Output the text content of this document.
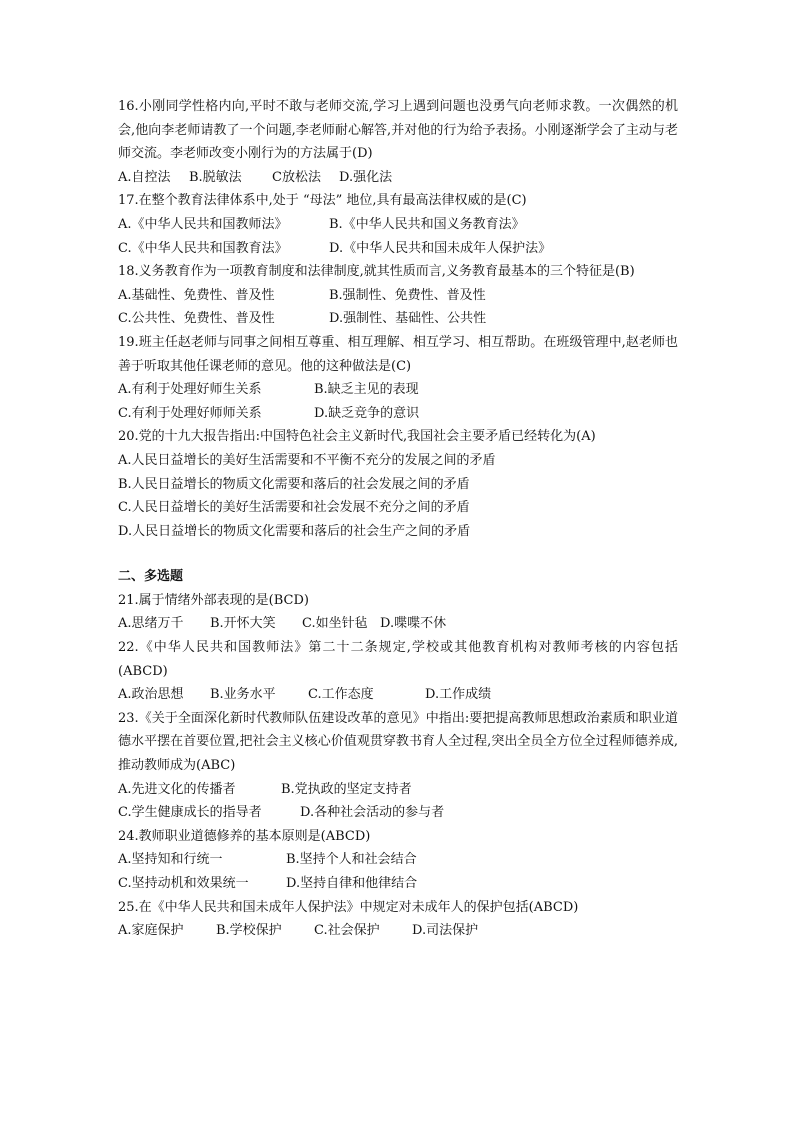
16.小刚同学性格内向,平时不敢与老师交流,学习上遇到问题也没勇气向老师求教。一次偶然的机会,他向李老师请教了一个问题,李老师耐心解答,并对他的行为给予表扬。小刚逐渐学会了主动与老师交流。李老师改变小刚行为的方法属于(D)
A.自控法	B.脱敏法	C放松法	D.强化法
17.在整个教育法律体系中,处于 “母法” 地位,具有最高法律权威的是(C)
A.《中华人民共和国教师法》	B.《中华人民共和国义务教育法》
C.《中华人民共和国教育法》	D.《中华人民共和国未成年人保护法》
18.义务教育作为一项教育制度和法律制度,就其性质而言,义务教育最基本的三个特征是(B)
A.基础性、免费性、普及性	B.强制性、免费性、普及性
C.公共性、免费性、普及性	D.强制性、基础性、公共性
19.班主任赵老师与同事之间相互尊重、相互理解、相互学习、相互帮助。在班级管理中,赵老师也善于听取其他任课老师的意见。他的这种做法是(C)
A.有利于处理好师生关系	B.缺乏主见的表现
C.有利于处理好师师关系	D.缺乏竞争的意识
20.党的十九大报告指出:中国特色社会主义新时代,我国社会主要矛盾已经转化为(A)
A.人民日益增长的美好生活需要和不平衡不充分的发展之间的矛盾
B.人民日益增长的物质文化需要和落后的社会发展之间的矛盾
C.人民日益增长的美好生活需要和社会发展不充分之间的矛盾
D.人民日益增长的物质文化需要和落后的社会生产之间的矛盾
二、多选题
21.属于情绪外部表现的是(BCD)
A.思绪万千	B.开怀大笑	C.如坐针毡 D.喋喋不休
22.《中华人民共和国教师法》第二十二条规定,学校或其他教育机构对教师考核的内容包括(ABCD)
A.政治思想	B.业务水平	C.工作态度	D.工作成绩
23.《关于全面深化新时代教师队伍建设改革的意见》中指出:要把提高教师思想政治素质和职业道德水平摆在首要位置,把社会主义核心价值观贯穿教书育人全过程,突出全员全方位全过程师德养成,推动教师成为(ABC)
A.先进文化的传播者	B.党执政的坚定支持者
C.学生健康成长的指导者	D.各种社会活动的参与者
24.教师职业道德修养的基本原则是(ABCD)
A.坚持知和行统一	B.坚持个人和社会结合
C.坚持动机和效果统一	D.坚持自律和他律结合
25.在《中华人民共和国未成年人保护法》中规定对未成年人的保护包括(ABCD)
A.家庭保护	B.学校保护	C.社会保护	D.司法保护
